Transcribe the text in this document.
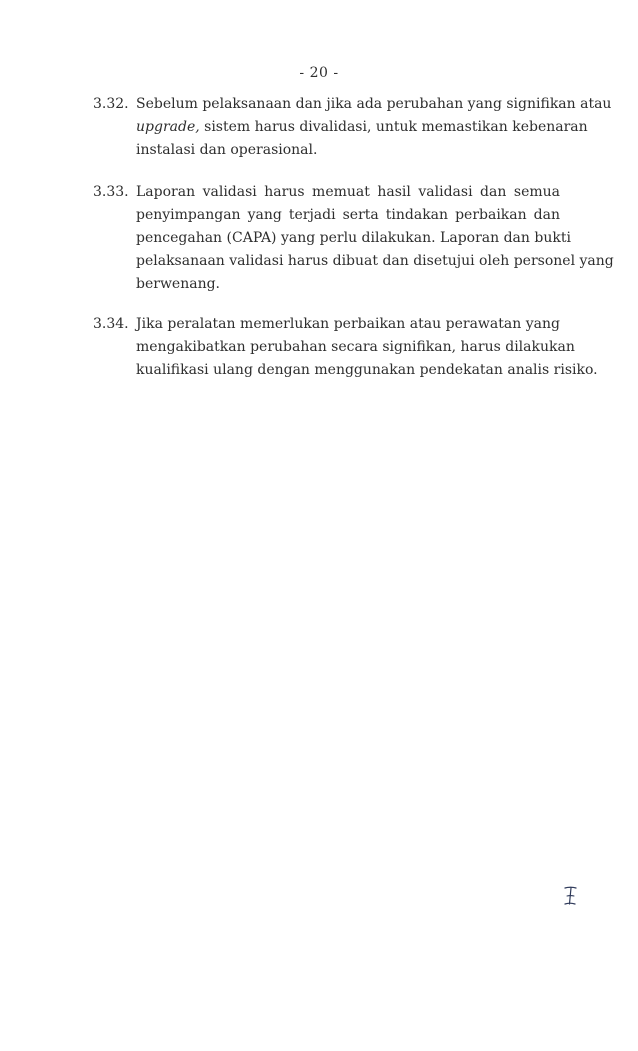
- 20 -
3.32. Sebelum pelaksanaan dan jika ada perubahan yang signifikan atau
upgrade, sistem harus divalidasi, untuk memastikan kebenaran
instalasi dan operasional.
3.33. Laporan validasi harus memuat hasil validasi dan semua
penyimpangan yang terjadi serta tindakan perbaikan dan
pencegahan (CAPA) yang perlu dilakukan. Laporan dan bukti
pelaksanaan validasi harus dibuat dan disetujui oleh personel yang
berwenang.
3.34. Jika peralatan memerlukan perbaikan atau perawatan yang
mengakibatkan perubahan secara signifikan, harus dilakukan
kualifikasi ulang dengan menggunakan pendekatan analis risiko.
